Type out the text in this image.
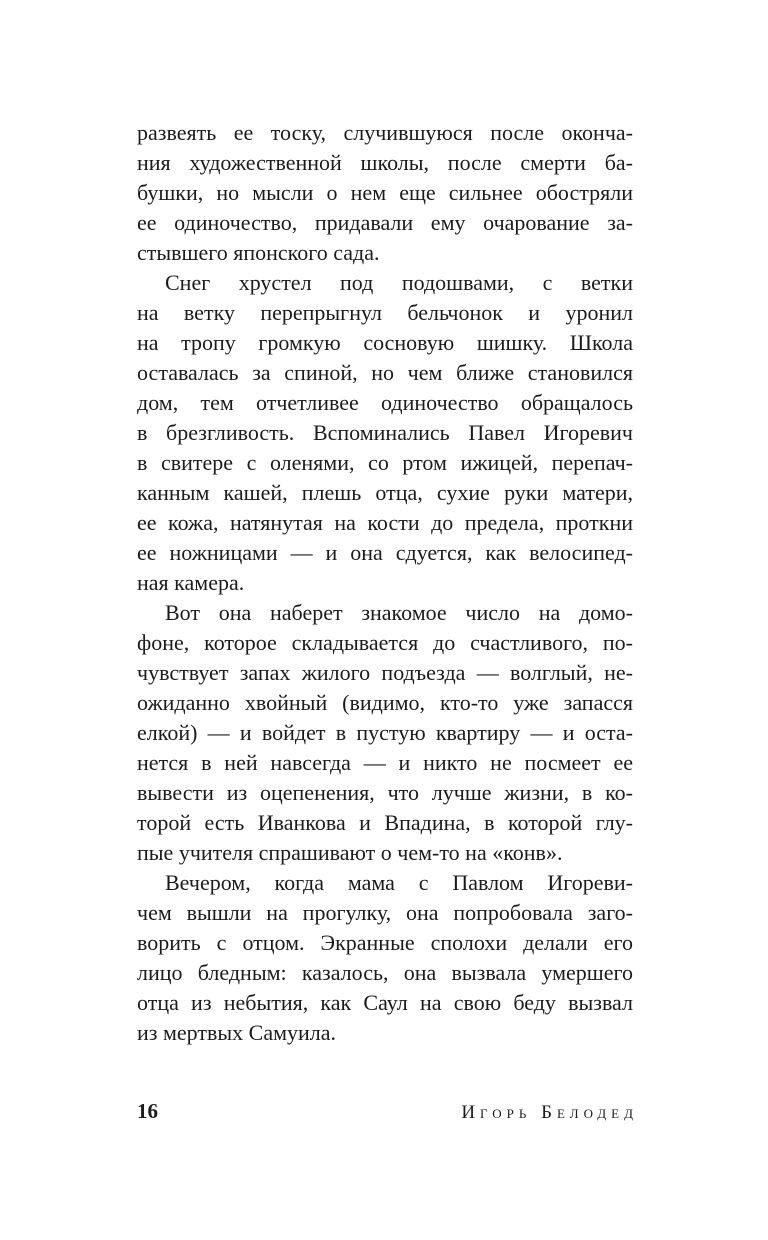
развеять ее тоску, случившуюся после оконча-
ния художественной школы, после смерти ба-
бушки, но мысли о нем еще сильнее обостряли
ее одиночество, придавали ему очарование за-
стывшего японского сада.
Снег хрустел под подошвами, с ветки
на ветку перепрыгнул бельчонок и уронил
на тропу громкую сосновую шишку. Школа
оставалась за спиной, но чем ближе становился
дом, тем отчетливее одиночество обращалось
в брезгливость. Вспоминались Павел Игоревич
в свитере с оленями, со ртом ижицей, перепач-
канным кашей, плешь отца, сухие руки матери,
ее кожа, натянутая на кости до предела, проткни
ее ножницами — и она сдуется, как велосипед-
ная камера.
Вот она наберет знакомое число на домо-
фоне, которое складывается до счастливого, по-
чувствует запах жилого подъезда — волглый, не-
ожиданно хвойный (видимо, кто-то уже запасся
елкой) — и войдет в пустую квартиру — и оста-
нется в ней навсегда — и никто не посмеет ее
вывести из оцепенения, что лучше жизни, в ко-
торой есть Иванкова и Впадина, в которой глу-
пые учителя спрашивают о чем-то на «конв».
Вечером, когда мама с Павлом Игореви-
чем вышли на прогулку, она попробовала заго-
ворить с отцом. Экранные сполохи делали его
лицо бледным: казалось, она вызвала умершего
отца из небытия, как Саул на свою беду вызвал
из мертвых Самуила.
16	Игорь Белодед
